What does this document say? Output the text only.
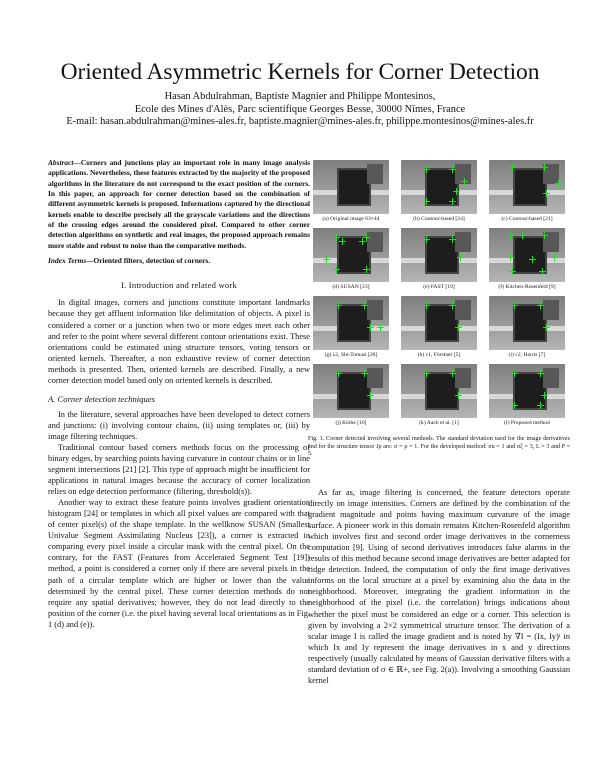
Oriented Asymmetric Kernels for Corner Detection
Hasan Abdulrahman, Baptiste Magnier and Philippe Montesinos,
Ecole des Mines d'Alès, Parc scientifique Georges Besse, 30000 Nîmes, France
E-mail: hasan.abdulrahman@mines-ales.fr, baptiste.magnier@mines-ales.fr, philippe.montesinos@mines-ales.fr

Abstract—Corners and junctions play an important role in many image analysis applications. Nevertheless, these features extracted by the majority of the proposed algorithms in the literature do not correspond to the exact position of the corners. In this paper, an approach for corner detection based on the combination of different asymmetric kernels is proposed. Informations captured by the directional kernels enable to describe precisely all the grayscale variations and the directions of the crossing edges around the considered pixel. Compared to other corner detection algorithms on synthetic and real images, the proposed approach remains more stable and robust to noise than the comparative methods.

Index Terms—Oriented filters, detection of corners.

I. Introduction and related work

In digital images, corners and junctions constitute important landmarks because they get affluent information like delimitation of objects. A pixel is considered a corner or a junction when two or more edges meet each other and refer to the point where several different contour orientations exist. These orientations could be estimated using structure tensors, voting tensors or oriented kernels. Thereafter, a non exhaustive review of corner detection methods is presented. Then, oriented kernels are described. Finally, a new corner detection model based only on oriented kernels is described.

A. Corner detection techniques

In the literature, several approaches have been developed to detect corners and junctions: (i) involving contour chains, (ii) using templates or, (iii) by image filtering techniques.

Traditional contour based corners methods focus on the processing of binary edges, by searching points having curvature in contour chains or in line segment intersections [21] [2]. This type of approach might be insufficient for applications in natural images because the accuracy of corner localization relies on edge detection performance (filtering, threshold(s)).

Another way to extract these feature points involves gradient orientation histogram [24] or templates in which all pixel values are compared with that of center pixel(s) of the shape template. In the wellknow SUSAN (Smallest Univalue Segment Assimilating Nucleus [23]), a corner is extracted in comparing every pixel inside a circular mask with the central pixel. On the contrary, for the FAST (Features from Accelerated Segment Test [19]) method, a point is considered a corner only if there are several pixels in the path of a circular template which are higher or lower than the value determined by the central pixel. These corner detection methods do not require any spatial derivatives; however, they do not lead directly to the position of the corner (i.e. the pixel having several local orientations as in Fig. 1 (d) and (e)).

(a) Original image 63×44	(b) Contour-based [24]	(c) Contour-based [21]
(d) SUSAN [23]	(e) FAST [19]	(f) Kitchen-Rosenfeld [9]
(g) λ2, Shi-Tomasi [20]	(h) c1, Förstner [5]	(i) c2, Harris [7]
(j) Köthe [10]	(k) Aach et al. [1]	(l) Proposed method
Fig. 1. Corner detected involving several methods. The standard deviation used for the image derivatives and for the structure tensor Jρ are: σ = ρ = 1. For the developed method: σu = 1 and σξ = 3, L = 3 and P = 5.

As far as, image filtering is concerned, the feature detectors operate directly on image intensities. Corners are defined by the combination of the gradient magnitude and points having maximum curvature of the image surface. A pioneer work in this domain remains Kitchen-Rosenfeld algorithm which involves first and second order image derivatives in the cornerness computation [9]. Using of second derivatives introduces false alarms in the results of this method because second image derivatives are better adapted for ridge detection. Indeed, the computation of only the first image derivatives informs on the local structure at a pixel by examining also the data in the neighborhood. Moreover, integrating the gradient information in the neighborhood of the pixel (i.e. the correlation) brings indications about whether the pixel must be considered an edge or a corner. This selection is given by involving a 2×2 symmetrical structure tensor. The derivation of a scalar image I is called the image gradient and is noted by ∇I = (Ix, Iy)ᵗ in which Ix and Iy represent the image derivatives in x and y directions respectively (usually calculated by means of Gaussian derivative filters with a standard deviation of σ ∈ ℝ+, see Fig. 2(a)). Involving a smoothing Gaussian kernel
